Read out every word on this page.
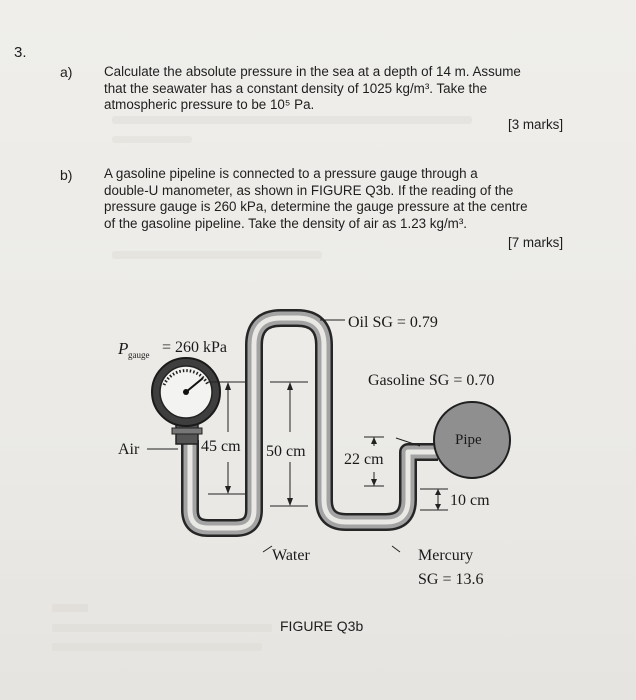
3.
a) Calculate the absolute pressure in the sea at a depth of 14 m. Assume
that the seawater has a constant density of 1025 kg/m³. Take the
atmospheric pressure to be 10⁵ Pa.
[3 marks]
b) A gasoline pipeline is connected to a pressure gauge through a
double-U manometer, as shown in FIGURE Q3b. If the reading of the
pressure gauge is 260 kPa, determine the gauge pressure at the centre
of the gasoline pipeline. Take the density of air as 1.23 kg/m³.
[7 marks]
Pipe
Oil SG = 0.79
P gauge = 260 kPa
Gasoline SG = 0.70
Air	45 cm 50 cm 22 cm
10 cm
Water	Mercury
SG = 13.6
FIGURE Q3b
